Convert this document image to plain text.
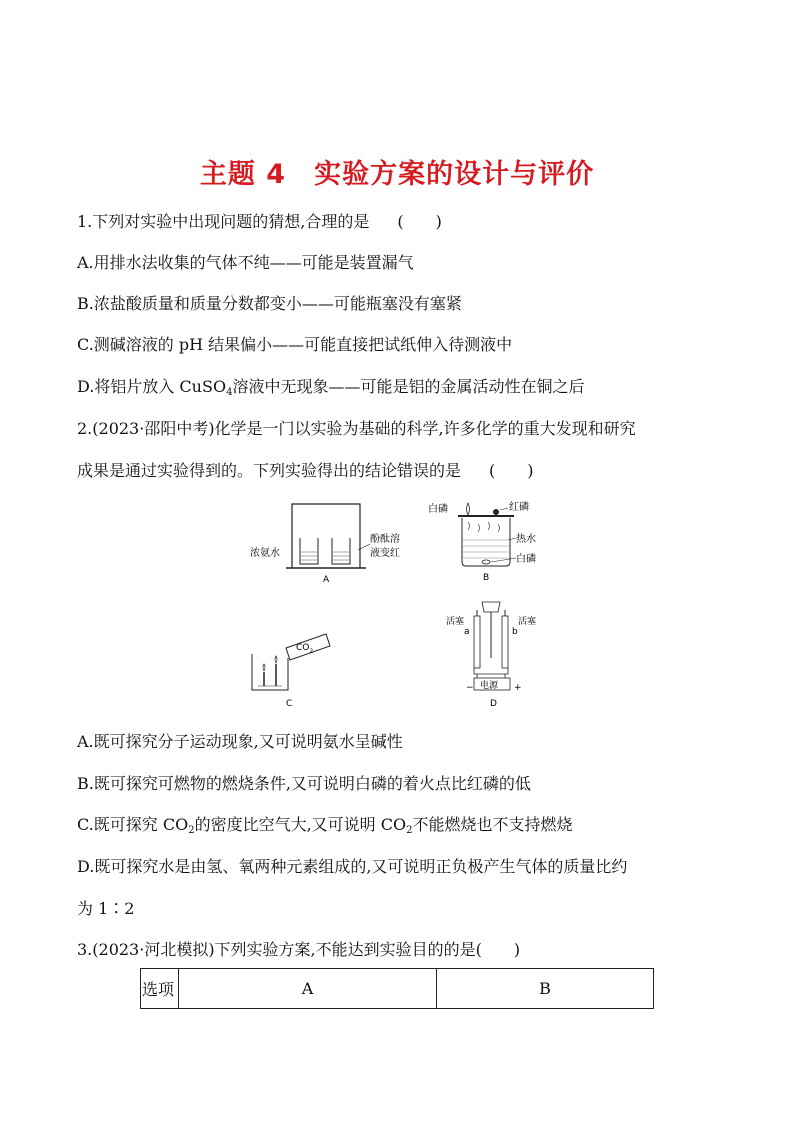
主题 4　实验方案的设计与评价
1.下列对实验中出现问题的猜想,合理的是 (　　)
A.用排水法收集的气体不纯——可能是装置漏气
B.浓盐酸质量和质量分数都变小——可能瓶塞没有塞紧
C.测碱溶液的 pH 结果偏小——可能直接把试纸伸入待测液中
D.将铝片放入 CuSO$_4$溶液中无现象——可能是铝的金属活动性在铜之后
2.(2023·邵阳中考)化学是一门以实验为基础的科学,许多化学的重大发现和研究
成果是通过实验得到的。下列实验得出的结论错误的是 (　　)
浓氨水
酚酞溶
液变红
A
白磷	红磷
热水
白磷
B
$CO_2$
C
电源
−	+
活塞	活塞
a	b
D
A.既可探究分子运动现象,又可说明氨水呈碱性
B.既可探究可燃物的燃烧条件,又可说明白磷的着火点比红磷的低
C.既可探究 $CO_2$的密度比空气大,又可说明 $CO_2$不能燃烧也不支持燃烧
D.既可探究水是由氢、氧两种元素组成的,又可说明正负极产生气体的质量比约
为 1∶2
3.(2023·河北模拟)下列实验方案,不能达到实验目的的是(　　)
选项	A	B
